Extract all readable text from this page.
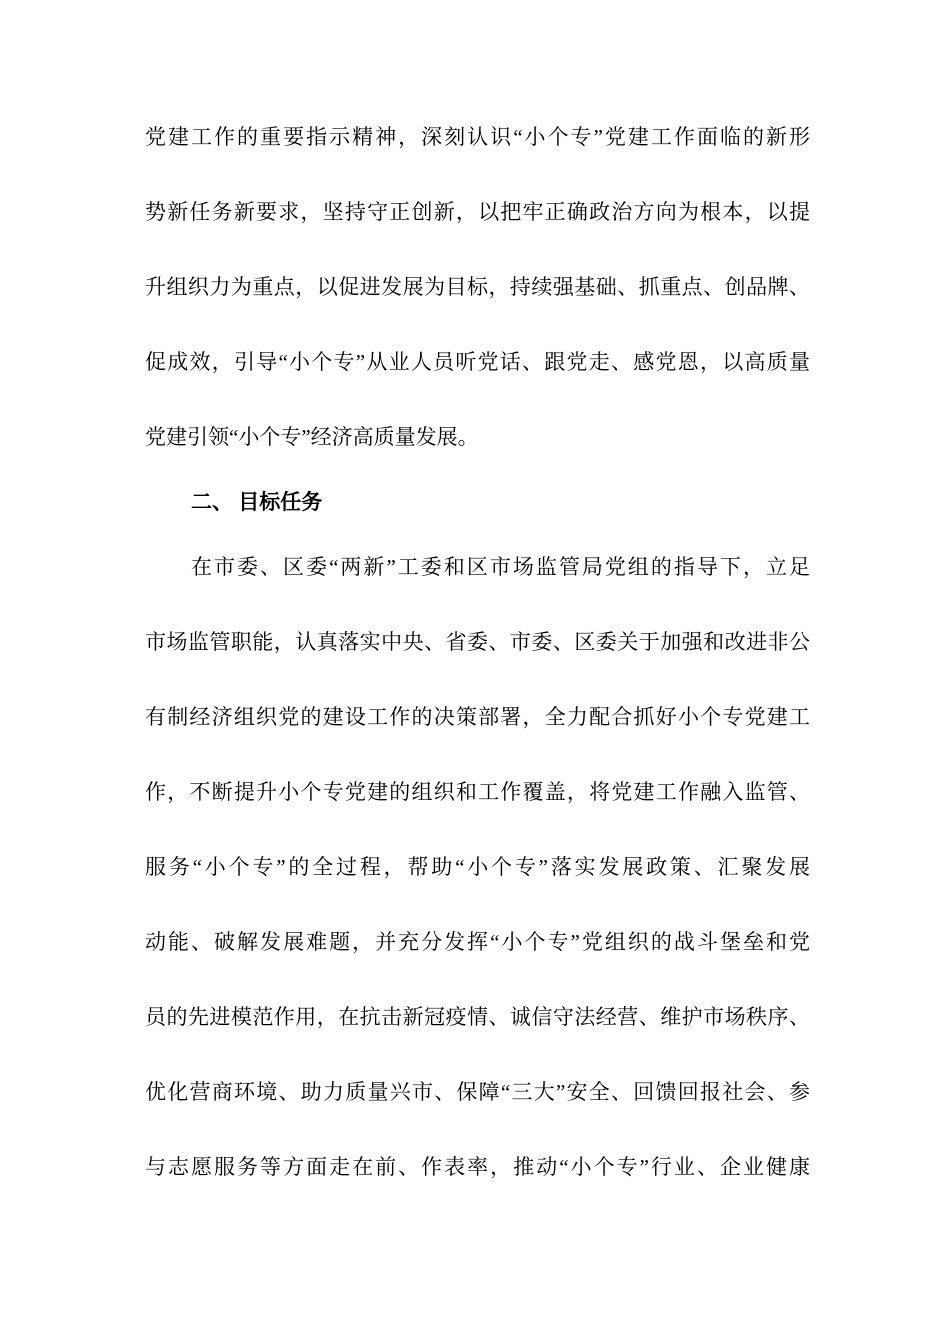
党建工作的重要指示精神，深刻认识“小个专”党建工作面临的新形
势新任务新要求，坚持守正创新，以把牢正确政治方向为根本，以提
升组织力为重点，以促进发展为目标，持续强基础、抓重点、创品牌、
促成效，引导“小个专”从业人员听党话、跟党走、感党恩，以高质量
党建引领“小个专”经济高质量发展。
二、 目标任务
在市委、区委“两新”工委和区市场监管局党组的指导下，立足
市场监管职能，认真落实中央、省委、市委、区委关于加强和改进非公
有制经济组织党的建设工作的决策部署，全力配合抓好小个专党建工
作，不断提升小个专党建的组织和工作覆盖，将党建工作融入监管、
服务“小个专”的全过程，帮助“小个专”落实发展政策、汇聚发展
动能、破解发展难题，并充分发挥“小个专”党组织的战斗堡垒和党
员的先进模范作用，在抗击新冠疫情、诚信守法经营、维护市场秩序、
优化营商环境、助力质量兴市、保障“三大”安全、回馈回报社会、参
与志愿服务等方面走在前、作表率，推动“小个专”行业、企业健康
